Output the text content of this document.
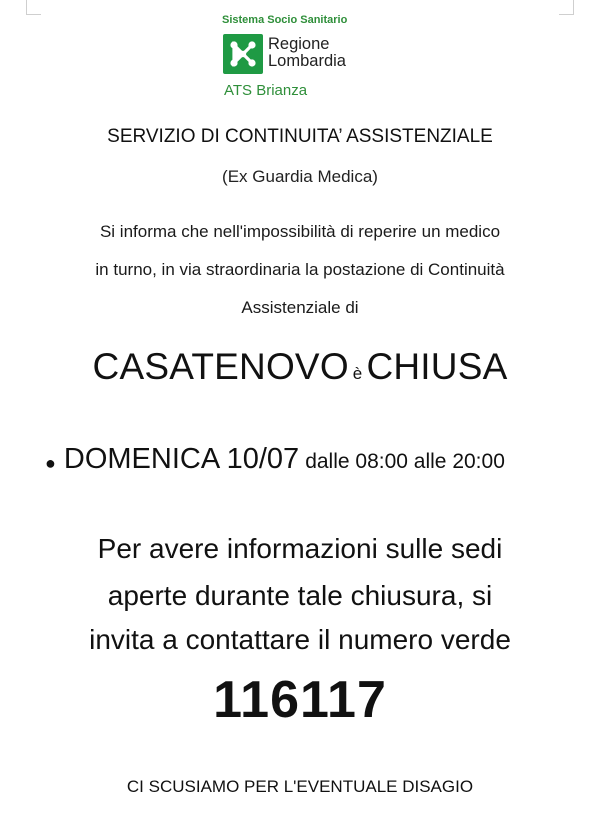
Sistema Socio Sanitario
Regione
Lombardia
ATS Brianza
SERVIZIO DI CONTINUITA’ ASSISTENZIALE
(Ex Guardia Medica)
Si informa che nell'impossibilità di reperire un medico
in turno, in via straordinaria la postazione di Continuità
Assistenziale di
CASATENOVO è CHIUSA
● DOMENICA 10/07 dalle 08:00 alle 20:00
Per avere informazioni sulle sedi
aperte durante tale chiusura, si
invita a contattare il numero verde
116117
CI SCUSIAMO PER L'EVENTUALE DISAGIO
